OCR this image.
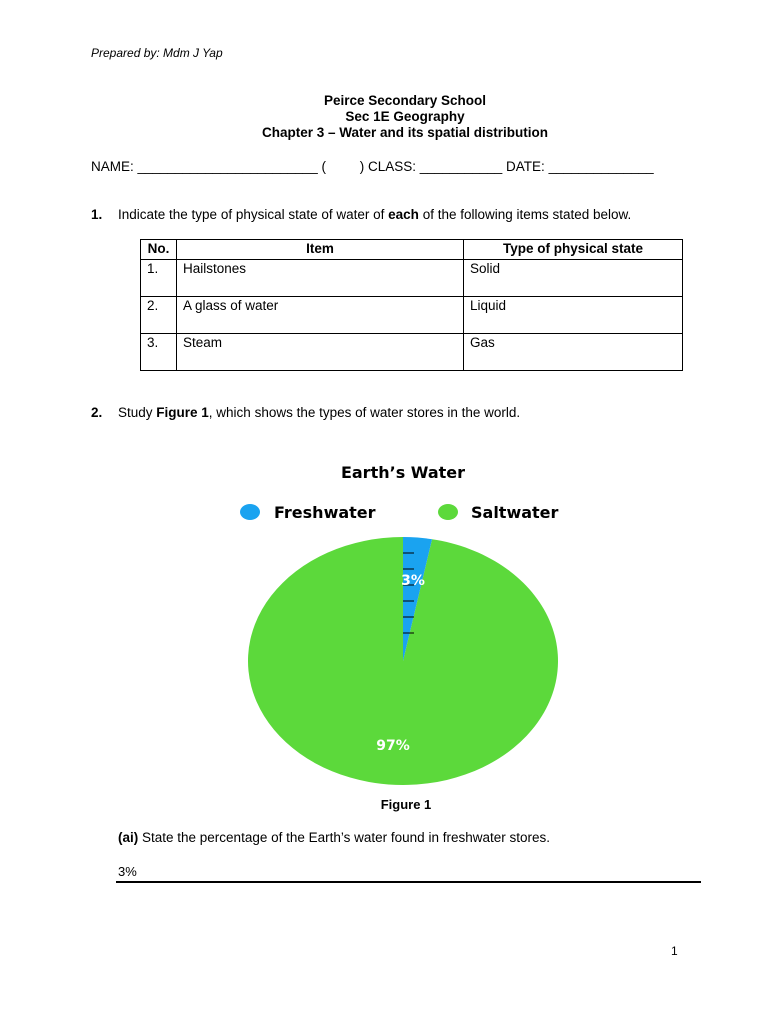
Prepared by: Mdm J Yap
Peirce Secondary School
Sec 1E Geography
Chapter 3 – Water and its spatial distribution
NAME: ________________________ (         ) CLASS: ___________ DATE: ______________
1. Indicate the type of physical state of water of each of the following items stated below.
No.	Item	Type of physical state
1.	Hailstones	Solid
2.	A glass of water	Liquid
3.	Steam	Gas
2. Study Figure 1, which shows the types of water stores in the world.
Earth’s Water
Freshwater	Saltwater
3%
97%
Figure 1
(ai) State the percentage of the Earth’s water found in freshwater stores.
3%
1
